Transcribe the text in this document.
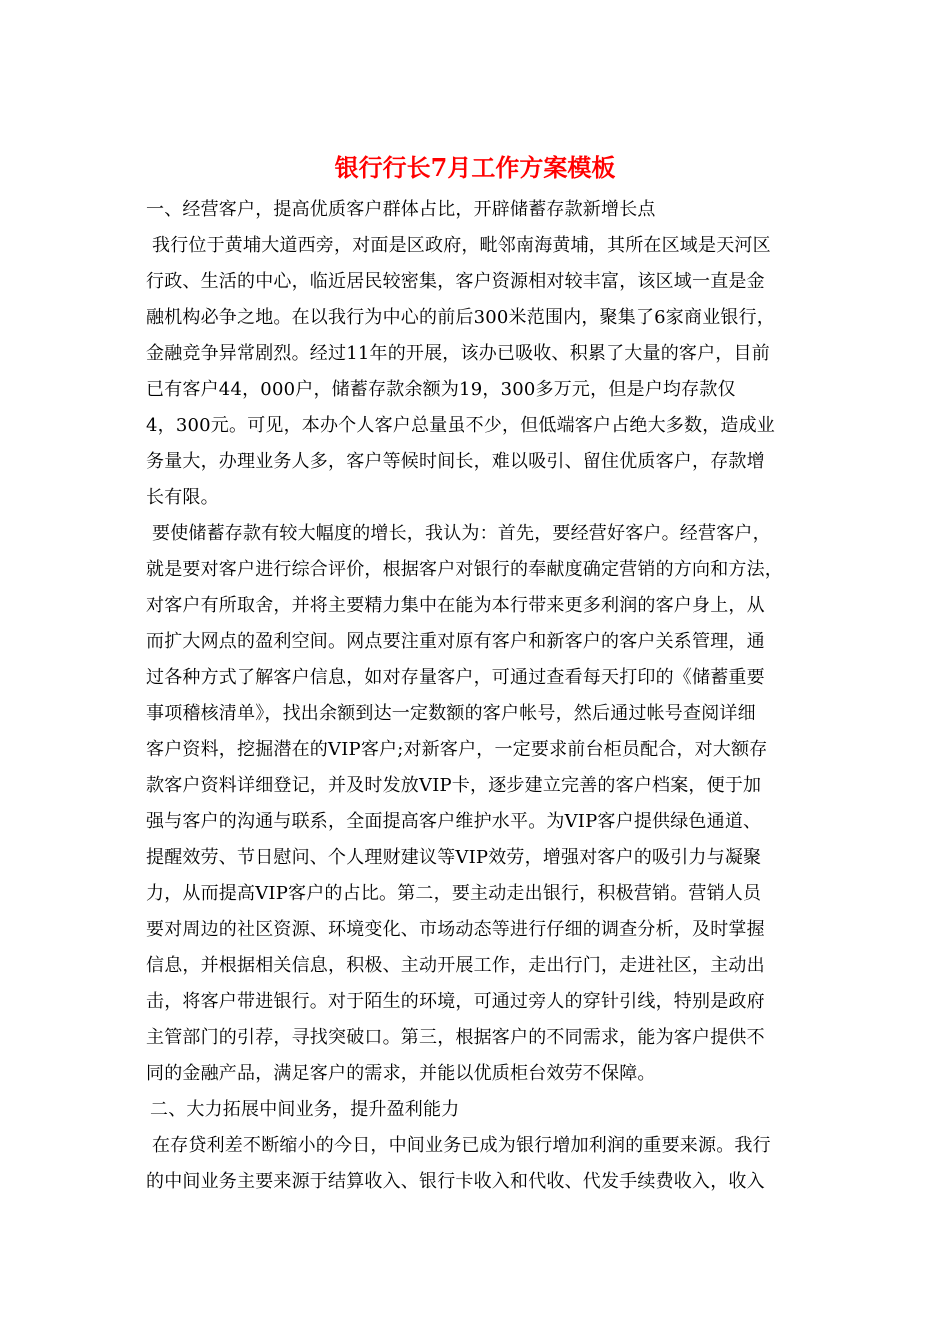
银行行长7月工作方案模板
一、经营客户，提高优质客户群体占比，开辟储蓄存款新增长点
我行位于黄埔大道西旁，对面是区政府，毗邻南海黄埔，其所在区域是天河区
行政、生活的中心，临近居民较密集，客户资源相对较丰富，该区域一直是金
融机构必争之地。在以我行为中心的前后300米范围内，聚集了6家商业银行，
金融竞争异常剧烈。经过11年的开展，该办已吸收、积累了大量的客户，目前
已有客户44，000户，储蓄存款余额为19，300多万元，但是户均存款仅
4，300元。可见，本办个人客户总量虽不少，但低端客户占绝大多数，造成业
务量大，办理业务人多，客户等候时间长，难以吸引、留住优质客户，存款增
长有限。
要使储蓄存款有较大幅度的增长，我认为：首先，要经营好客户。经营客户，
就是要对客户进行综合评价，根据客户对银行的奉献度确定营销的方向和方法，
对客户有所取舍，并将主要精力集中在能为本行带来更多利润的客户身上，从
而扩大网点的盈利空间。网点要注重对原有客户和新客户的客户关系管理，通
过各种方式了解客户信息，如对存量客户，可通过查看每天打印的《储蓄重要
事项稽核清单》，找出余额到达一定数额的客户帐号，然后通过帐号查阅详细
客户资料，挖掘潜在的VIP客户;对新客户，一定要求前台柜员配合，对大额存
款客户资料详细登记，并及时发放VIP卡，逐步建立完善的客户档案，便于加
强与客户的沟通与联系，全面提高客户维护水平。为VIP客户提供绿色通道、
提醒效劳、节日慰问、个人理财建议等VIP效劳，增强对客户的吸引力与凝聚
力，从而提高VIP客户的占比。第二，要主动走出银行，积极营销。营销人员
要对周边的社区资源、环境变化、市场动态等进行仔细的调查分析，及时掌握
信息，并根据相关信息，积极、主动开展工作，走出行门，走进社区，主动出
击，将客户带进银行。对于陌生的环境，可通过旁人的穿针引线，特别是政府
主管部门的引荐，寻找突破口。第三，根据客户的不同需求，能为客户提供不
同的金融产品，满足客户的需求，并能以优质柜台效劳不保障。
二、大力拓展中间业务，提升盈利能力
在存贷利差不断缩小的今日，中间业务已成为银行增加利润的重要来源。我行
的中间业务主要来源于结算收入、银行卡收入和代收、代发手续费收入，收入
